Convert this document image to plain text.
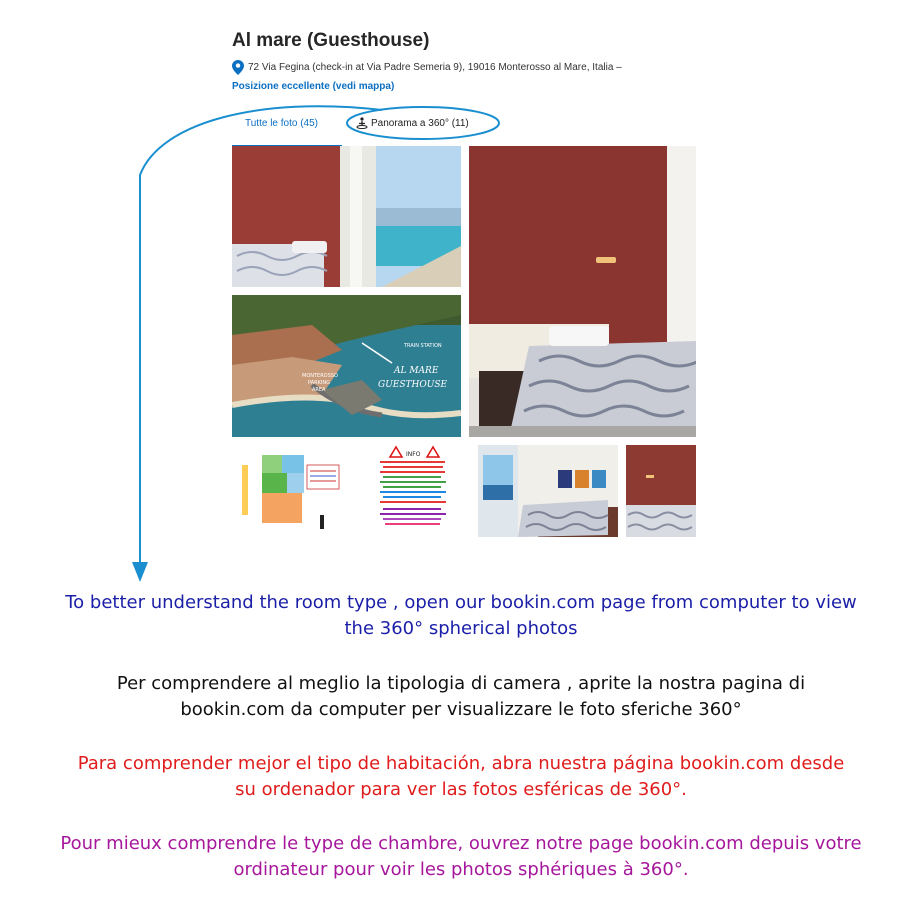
Al mare (Guesthouse)
72 Via Fegina (check-in at Via Padre Semeria 9), 19016 Monterosso al Mare, Italia –
Posizione eccellente (vedi mappa)
Tutte le foto (45)	Panorama a 360° (11)
AL MARE
GUESTHOUSE
TRAIN STATION
MONTEROSSO
PARKING
AREA
INFO
To better understand the room type , open our bookin.com page from computer to view the 360° spherical photos
Per comprendere al meglio la tipologia di camera , aprite la nostra pagina di bookin.com da computer per visualizzare le foto sferiche 360°
Para comprender mejor el tipo de habitación, abra nuestra página bookin.com desde su ordenador para ver las fotos esféricas de 360°.
Pour mieux comprendre le type de chambre, ouvrez notre page bookin.com depuis votre ordinateur pour voir les photos sphériques à 360°.
